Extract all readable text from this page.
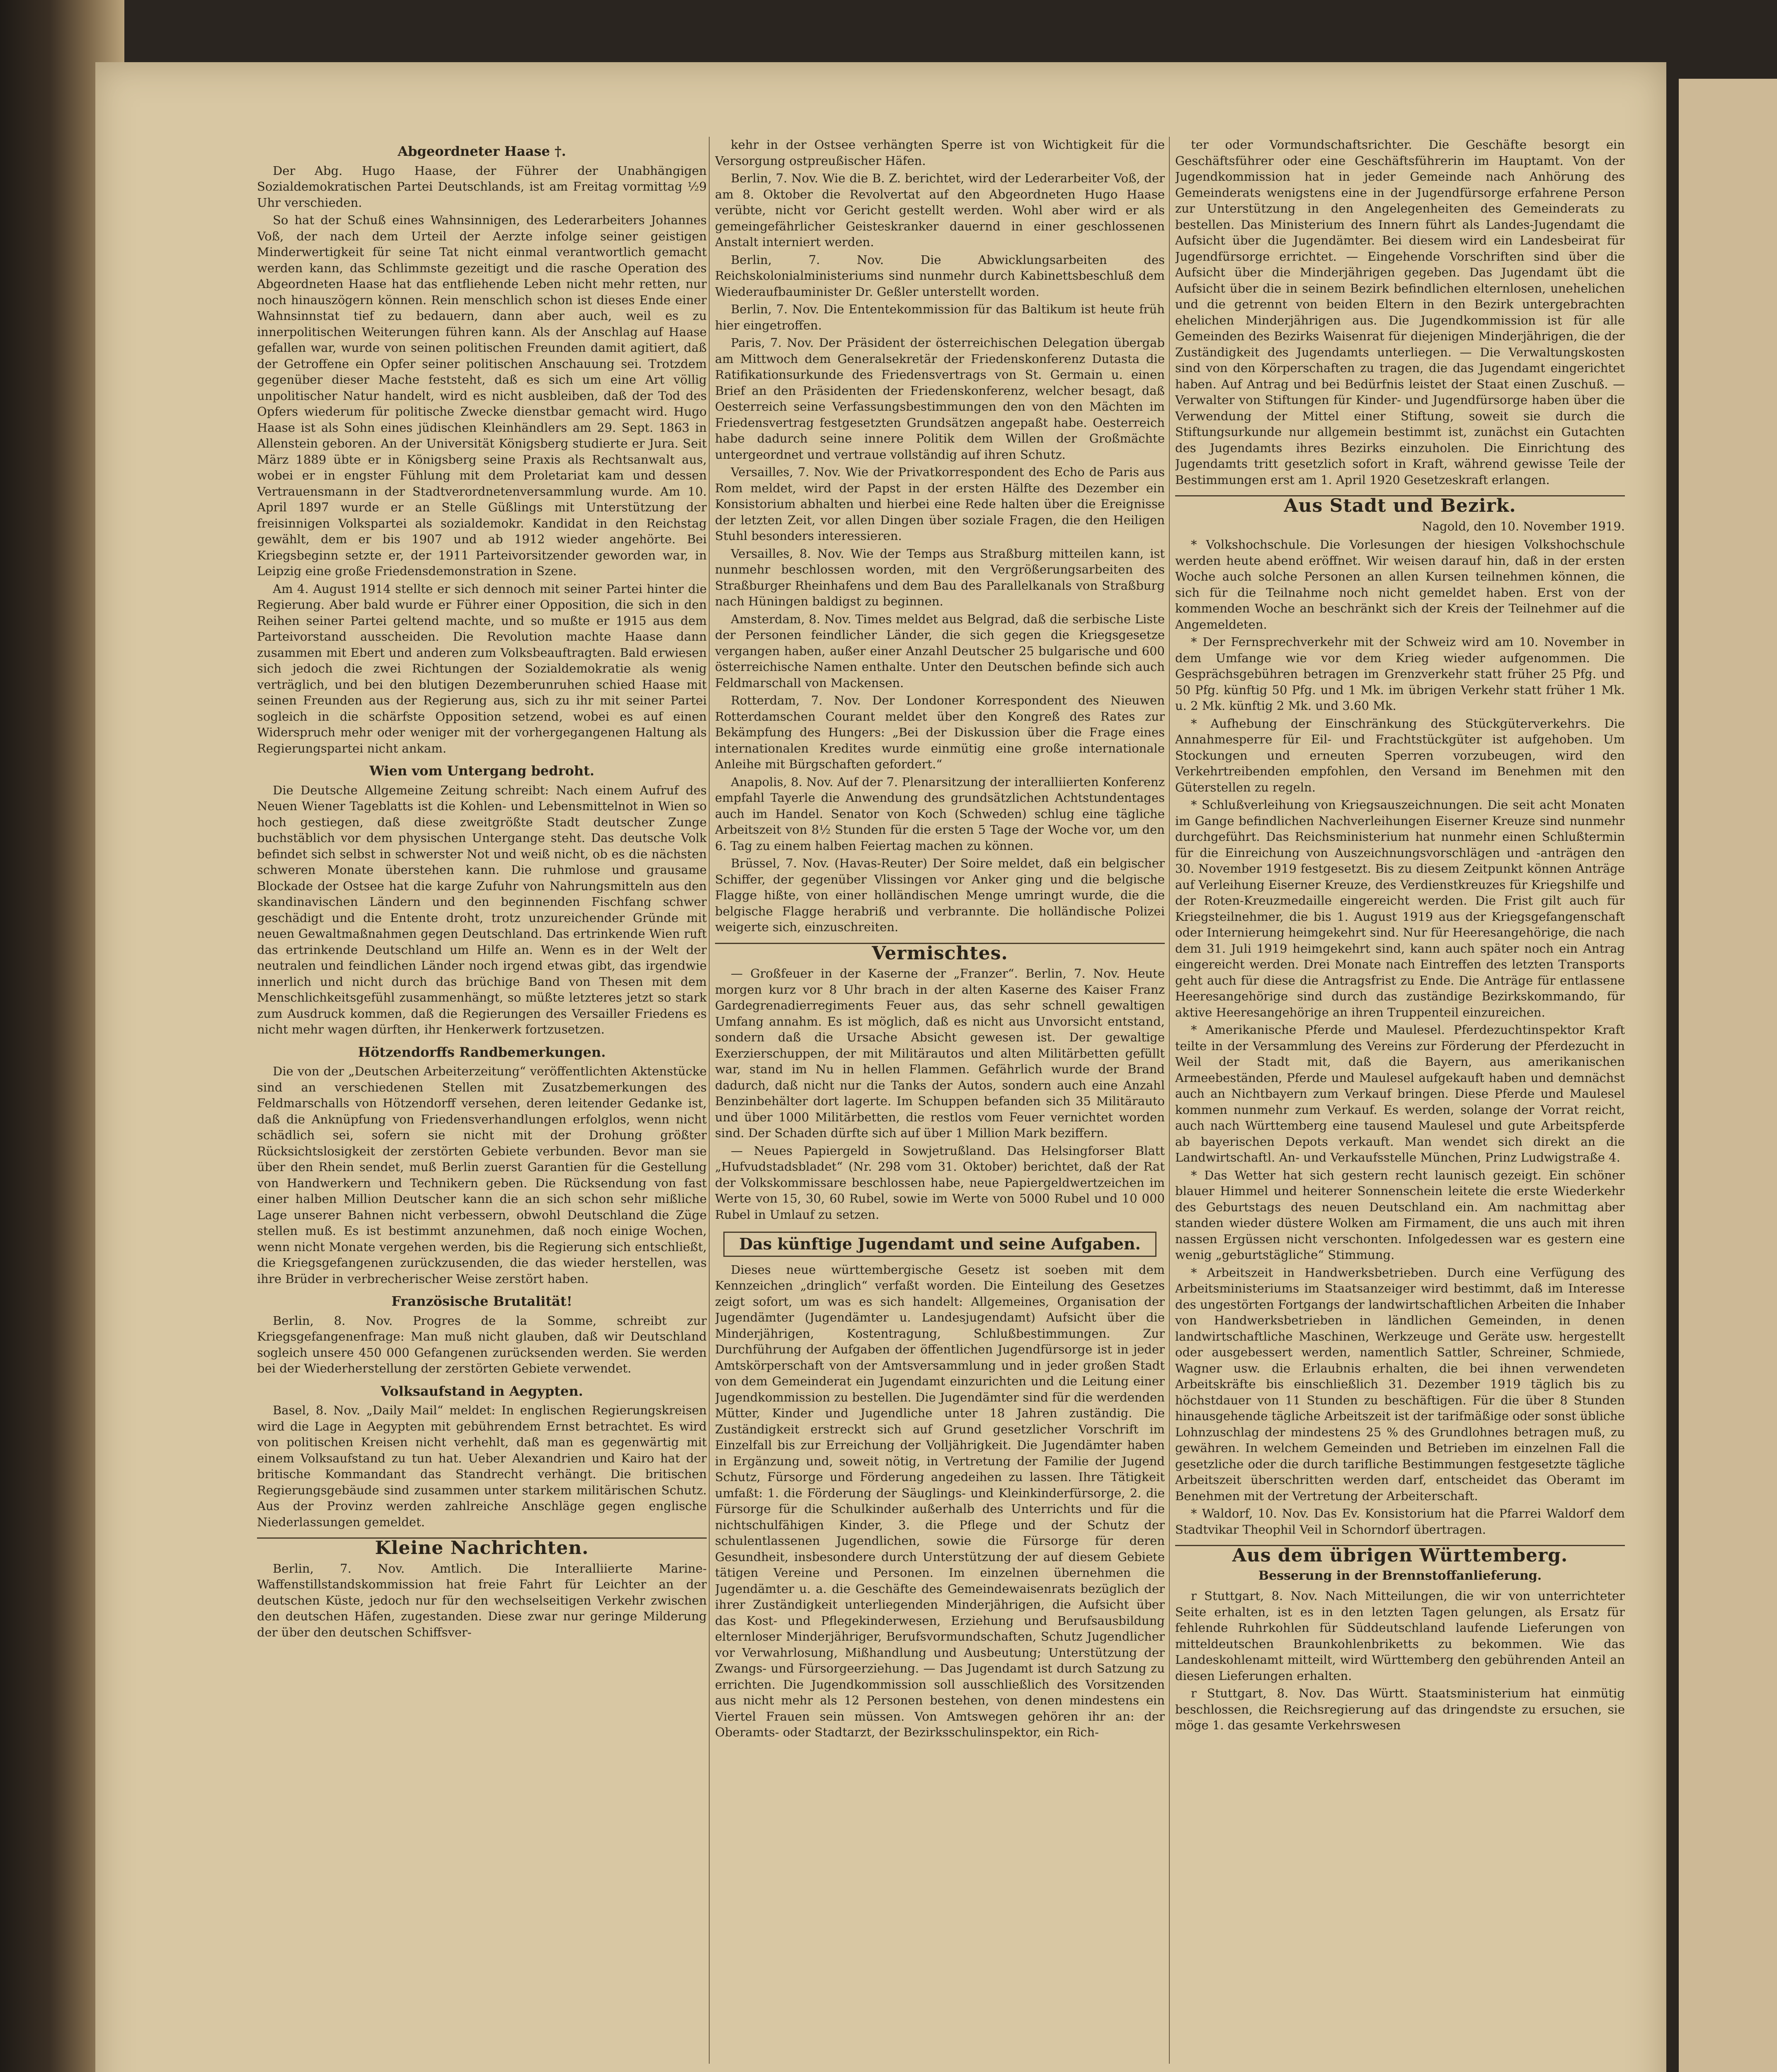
Abgeordneter Haase †.

Der Abg. Hugo Haase, der Führer der Unabhängigen Sozialdemokratischen Partei Deutschlands, ist am Freitag vormittag ½9 Uhr verschieden.

So hat der Schuß eines Wahnsinnigen, des Lederarbeiters Johannes Voß, der nach dem Urteil der Aerzte infolge seiner geistigen Minderwertigkeit für seine Tat nicht einmal verantwortlich gemacht werden kann, das Schlimmste gezeitigt und die rasche Operation des Abgeordneten Haase hat das entfliehende Leben nicht mehr retten, nur noch hinauszögern können. Rein menschlich schon ist dieses Ende einer Wahnsinnstat tief zu bedauern, dann aber auch, weil es zu innerpolitischen Weiterungen führen kann. Als der Anschlag auf Haase gefallen war, wurde von seinen politischen Freunden damit agitiert, daß der Getroffene ein Opfer seiner politischen Anschauung sei. Trotzdem gegenüber dieser Mache feststeht, daß es sich um eine Art völlig unpolitischer Natur handelt, wird es nicht ausbleiben, daß der Tod des Opfers wiederum für politische Zwecke dienstbar gemacht wird. Hugo Haase ist als Sohn eines jüdischen Kleinhändlers am 29. Sept. 1863 in Allenstein geboren. An der Universität Königsberg studierte er Jura. Seit März 1889 übte er in Königsberg seine Praxis als Rechtsanwalt aus, wobei er in engster Fühlung mit dem Proletariat kam und dessen Vertrauensmann in der Stadtverordnetenversammlung wurde. Am 10. April 1897 wurde er an Stelle Güßlings mit Unterstützung der freisinnigen Volkspartei als sozialdemokr. Kandidat in den Reichstag gewählt, dem er bis 1907 und ab 1912 wieder angehörte. Bei Kriegsbeginn setzte er, der 1911 Parteivorsitzender geworden war, in Leipzig eine große Friedensdemonstration in Szene.

Am 4. August 1914 stellte er sich dennoch mit seiner Partei hinter die Regierung. Aber bald wurde er Führer einer Opposition, die sich in den Reihen seiner Partei geltend machte, und so mußte er 1915 aus dem Parteivorstand ausscheiden. Die Revolution machte Haase dann zusammen mit Ebert und anderen zum Volksbeauftragten. Bald erwiesen sich jedoch die zwei Richtungen der Sozialdemokratie als wenig verträglich, und bei den blutigen Dezemberunruhen schied Haase mit seinen Freunden aus der Regierung aus, sich zu ihr mit seiner Partei sogleich in die schärfste Opposition setzend, wobei es auf einen Widerspruch mehr oder weniger mit der vorhergegangenen Haltung als Regierungspartei nicht ankam.

Wien vom Untergang bedroht.

Die Deutsche Allgemeine Zeitung schreibt: Nach einem Aufruf des Neuen Wiener Tageblatts ist die Kohlen- und Lebensmittelnot in Wien so hoch gestiegen, daß diese zweitgrößte Stadt deutscher Zunge buchstäblich vor dem physischen Untergange steht. Das deutsche Volk befindet sich selbst in schwerster Not und weiß nicht, ob es die nächsten schweren Monate überstehen kann. Die ruhmlose und grausame Blockade der Ostsee hat die karge Zufuhr von Nahrungsmitteln aus den skandinavischen Ländern und den beginnenden Fischfang schwer geschädigt und die Entente droht, trotz unzureichender Gründe mit neuen Gewaltmaßnahmen gegen Deutschland. Das ertrinkende Wien ruft das ertrinkende Deutschland um Hilfe an. Wenn es in der Welt der neutralen und feindlichen Länder noch irgend etwas gibt, das irgendwie innerlich und nicht durch das brüchige Band von Thesen mit dem Menschlichkeitsgefühl zusammenhängt, so müßte letzteres jetzt so stark zum Ausdruck kommen, daß die Regierungen des Versailler Friedens es nicht mehr wagen dürften, ihr Henkerwerk fortzusetzen.

Hötzendorffs Randbemerkungen.

Die von der „Deutschen Arbeiterzeitung“ veröffentlichten Aktenstücke sind an verschiedenen Stellen mit Zusatzbemerkungen des Feldmarschalls von Hötzendorff versehen, deren leitender Gedanke ist, daß die Anknüpfung von Friedensverhandlungen erfolglos, wenn nicht schädlich sei, sofern sie nicht mit der Drohung größter Rücksichtslosigkeit der zerstörten Gebiete verbunden. Bevor man sie über den Rhein sendet, muß Berlin zuerst Garantien für die Gestellung von Handwerkern und Technikern geben. Die Rücksendung von fast einer halben Million Deutscher kann die an sich schon sehr mißliche Lage unserer Bahnen nicht verbessern, obwohl Deutschland die Züge stellen muß. Es ist bestimmt anzunehmen, daß noch einige Wochen, wenn nicht Monate vergehen werden, bis die Regierung sich entschließt, die Kriegsgefangenen zurückzusenden, die das wieder herstellen, was ihre Brüder in verbrecherischer Weise zerstört haben.

Französische Brutalität!

Berlin, 8. Nov. Progres de la Somme, schreibt zur Kriegsgefangenenfrage: Man muß nicht glauben, daß wir Deutschland sogleich unsere 450 000 Gefangenen zurücksenden werden. Sie werden bei der Wiederherstellung der zerstörten Gebiete verwendet.

Volksaufstand in Aegypten.

Basel, 8. Nov. „Daily Mail“ meldet: In englischen Regierungskreisen wird die Lage in Aegypten mit gebührendem Ernst betrachtet. Es wird von politischen Kreisen nicht verhehlt, daß man es gegenwärtig mit einem Volksaufstand zu tun hat. Ueber Alexandrien und Kairo hat der britische Kommandant das Standrecht verhängt. Die britischen Regierungsgebäude sind zusammen unter starkem militärischen Schutz. Aus der Provinz werden zahlreiche Anschläge gegen englische Niederlassungen gemeldet.

Kleine Nachrichten.

Berlin, 7. Nov. Amtlich. Die Interalliierte Marine-Waffenstillstandskommission hat freie Fahrt für Leichter an der deutschen Küste, jedoch nur für den wechselseitigen Verkehr zwischen den deutschen Häfen, zugestanden. Diese zwar nur geringe Milderung der über den deutschen Schiffsver-

kehr in der Ostsee verhängten Sperre ist von Wichtigkeit für die Versorgung ostpreußischer Häfen.

Berlin, 7. Nov. Wie die B. Z. berichtet, wird der Lederarbeiter Voß, der am 8. Oktober die Revolvertat auf den Abgeordneten Hugo Haase verübte, nicht vor Gericht gestellt werden. Wohl aber wird er als gemeingefährlicher Geisteskranker dauernd in einer geschlossenen Anstalt interniert werden.

Berlin, 7. Nov. Die Abwicklungsarbeiten des Reichskolonialministeriums sind nunmehr durch Kabinettsbeschluß dem Wiederaufbauminister Dr. Geßler unterstellt worden.

Berlin, 7. Nov. Die Ententekommission für das Baltikum ist heute früh hier eingetroffen.

Paris, 7. Nov. Der Präsident der österreichischen Delegation übergab am Mittwoch dem Generalsekretär der Friedenskonferenz Dutasta die Ratifikationsurkunde des Friedensvertrags von St. Germain u. einen Brief an den Präsidenten der Friedenskonferenz, welcher besagt, daß Oesterreich seine Verfassungsbestimmungen den von den Mächten im Friedensvertrag festgesetzten Grundsätzen angepaßt habe. Oesterreich habe dadurch seine innere Politik dem Willen der Großmächte untergeordnet und vertraue vollständig auf ihren Schutz.

Versailles, 7. Nov. Wie der Privatkorrespondent des Echo de Paris aus Rom meldet, wird der Papst in der ersten Hälfte des Dezember ein Konsistorium abhalten und hierbei eine Rede halten über die Ereignisse der letzten Zeit, vor allen Dingen über soziale Fragen, die den Heiligen Stuhl besonders interessieren.

Versailles, 8. Nov. Wie der Temps aus Straßburg mitteilen kann, ist nunmehr beschlossen worden, mit den Vergrößerungsarbeiten des Straßburger Rheinhafens und dem Bau des Parallelkanals von Straßburg nach Hüningen baldigst zu beginnen.

Amsterdam, 8. Nov. Times meldet aus Belgrad, daß die serbische Liste der Personen feindlicher Länder, die sich gegen die Kriegsgesetze vergangen haben, außer einer Anzahl Deutscher 25 bulgarische und 600 österreichische Namen enthalte. Unter den Deutschen befinde sich auch Feldmarschall von Mackensen.

Rotterdam, 7. Nov. Der Londoner Korrespondent des Nieuwen Rotterdamschen Courant meldet über den Kongreß des Rates zur Bekämpfung des Hungers: „Bei der Diskussion über die Frage eines internationalen Kredites wurde einmütig eine große internationale Anleihe mit Bürgschaften gefordert.“

Anapolis, 8. Nov. Auf der 7. Plenarsitzung der interalliierten Konferenz empfahl Tayerle die Anwendung des grundsätzlichen Achtstundentages auch im Handel. Senator von Koch (Schweden) schlug eine tägliche Arbeitszeit von 8½ Stunden für die ersten 5 Tage der Woche vor, um den 6. Tag zu einem halben Feiertag machen zu können.

Brüssel, 7. Nov. (Havas-Reuter) Der Soire meldet, daß ein belgischer Schiffer, der gegenüber Vlissingen vor Anker ging und die belgische Flagge hißte, von einer holländischen Menge umringt wurde, die die belgische Flagge herabriß und verbrannte. Die holländische Polizei weigerte sich, einzuschreiten.

Vermischtes.

— Großfeuer in der Kaserne der „Franzer“. Berlin, 7. Nov. Heute morgen kurz vor 8 Uhr brach in der alten Kaserne des Kaiser Franz Gardegrenadierregiments Feuer aus, das sehr schnell gewaltigen Umfang annahm. Es ist möglich, daß es nicht aus Unvorsicht entstand, sondern daß die Ursache Absicht gewesen ist. Der gewaltige Exerzierschuppen, der mit Militärautos und alten Militärbetten gefüllt war, stand im Nu in hellen Flammen. Gefährlich wurde der Brand dadurch, daß nicht nur die Tanks der Autos, sondern auch eine Anzahl Benzinbehälter dort lagerte. Im Schuppen befanden sich 35 Militärauto und über 1000 Militärbetten, die restlos vom Feuer vernichtet worden sind. Der Schaden dürfte sich auf über 1 Million Mark beziffern.

— Neues Papiergeld in Sowjetrußland. Das Helsingforser Blatt „Hufvudstadsbladet“ (Nr. 298 vom 31. Oktober) berichtet, daß der Rat der Volkskommissare beschlossen habe, neue Papiergeldwertzeichen im Werte von 15, 30, 60 Rubel, sowie im Werte von 5000 Rubel und 10 000 Rubel in Umlauf zu setzen.

Das künftige Jugendamt und seine Aufgaben.

Dieses neue württembergische Gesetz ist soeben mit dem Kennzeichen „dringlich“ verfaßt worden. Die Einteilung des Gesetzes zeigt sofort, um was es sich handelt: Allgemeines, Organisation der Jugendämter (Jugendämter u. Landesjugendamt) Aufsicht über die Minderjährigen, Kostentragung, Schlußbestimmungen. Zur Durchführung der Aufgaben der öffentlichen Jugendfürsorge ist in jeder Amtskörperschaft von der Amtsversammlung und in jeder großen Stadt von dem Gemeinderat ein Jugendamt einzurichten und die Leitung einer Jugendkommission zu bestellen. Die Jugendämter sind für die werdenden Mütter, Kinder und Jugendliche unter 18 Jahren zuständig. Die Zuständigkeit erstreckt sich auf Grund gesetzlicher Vorschrift im Einzelfall bis zur Erreichung der Volljährigkeit. Die Jugendämter haben in Ergänzung und, soweit nötig, in Vertretung der Familie der Jugend Schutz, Fürsorge und Förderung angedeihen zu lassen. Ihre Tätigkeit umfaßt: 1. die Förderung der Säuglings- und Kleinkinderfürsorge, 2. die Fürsorge für die Schulkinder außerhalb des Unterrichts und für die nichtschulfähigen Kinder, 3. die Pflege und der Schutz der schulentlassenen Jugendlichen, sowie die Fürsorge für deren Gesundheit, insbesondere durch Unterstützung der auf diesem Gebiete tätigen Vereine und Personen. Im einzelnen übernehmen die Jugendämter u. a. die Geschäfte des Gemeindewaisenrats bezüglich der ihrer Zuständigkeit unterliegenden Minderjährigen, die Aufsicht über das Kost- und Pflegekinderwesen, Erziehung und Berufsausbildung elternloser Minderjähriger, Berufsvormundschaften, Schutz Jugendlicher vor Verwahrlosung, Mißhandlung und Ausbeutung; Unterstützung der Zwangs- und Fürsorgeerziehung. — Das Jugendamt ist durch Satzung zu errichten. Die Jugendkommission soll ausschließlich des Vorsitzenden aus nicht mehr als 12 Personen bestehen, von denen mindestens ein Viertel Frauen sein müssen. Von Amtswegen gehören ihr an: der Oberamts- oder Stadtarzt, der Bezirksschulinspektor, ein Rich-

ter oder Vormundschaftsrichter. Die Geschäfte besorgt ein Geschäftsführer oder eine Geschäftsführerin im Hauptamt. Von der Jugendkommission hat in jeder Gemeinde nach Anhörung des Gemeinderats wenigstens eine in der Jugendfürsorge erfahrene Person zur Unterstützung in den Angelegenheiten des Gemeinderats zu bestellen. Das Ministerium des Innern führt als Landes-Jugendamt die Aufsicht über die Jugendämter. Bei diesem wird ein Landesbeirat für Jugendfürsorge errichtet. — Eingehende Vorschriften sind über die Aufsicht über die Minderjährigen gegeben. Das Jugendamt übt die Aufsicht über die in seinem Bezirk befindlichen elternlosen, unehelichen und die getrennt von beiden Eltern in den Bezirk untergebrachten ehelichen Minderjährigen aus. Die Jugendkommission ist für alle Gemeinden des Bezirks Waisenrat für diejenigen Minderjährigen, die der Zuständigkeit des Jugendamts unterliegen. — Die Verwaltungskosten sind von den Körperschaften zu tragen, die das Jugendamt eingerichtet haben. Auf Antrag und bei Bedürfnis leistet der Staat einen Zuschuß. — Verwalter von Stiftungen für Kinder- und Jugendfürsorge haben über die Verwendung der Mittel einer Stiftung, soweit sie durch die Stiftungsurkunde nur allgemein bestimmt ist, zunächst ein Gutachten des Jugendamts ihres Bezirks einzuholen. Die Einrichtung des Jugendamts tritt gesetzlich sofort in Kraft, während gewisse Teile der Bestimmungen erst am 1. April 1920 Gesetzeskraft erlangen.

Aus Stadt und Bezirk.
Nagold, den 10. November 1919.

* Volkshochschule. Die Vorlesungen der hiesigen Volkshochschule werden heute abend eröffnet. Wir weisen darauf hin, daß in der ersten Woche auch solche Personen an allen Kursen teilnehmen können, die sich für die Teilnahme noch nicht gemeldet haben. Erst von der kommenden Woche an beschränkt sich der Kreis der Teilnehmer auf die Angemeldeten.

* Der Fernsprechverkehr mit der Schweiz wird am 10. November in dem Umfange wie vor dem Krieg wieder aufgenommen. Die Gesprächsgebühren betragen im Grenzverkehr statt früher 25 Pfg. und 50 Pfg. künftig 50 Pfg. und 1 Mk. im übrigen Verkehr statt früher 1 Mk. u. 2 Mk. künftig 2 Mk. und 3.60 Mk.

* Aufhebung der Einschränkung des Stückgüterverkehrs. Die Annahmesperre für Eil- und Frachtstückgüter ist aufgehoben. Um Stockungen und erneuten Sperren vorzubeugen, wird den Verkehrtreibenden empfohlen, den Versand im Benehmen mit den Güterstellen zu regeln.

* Schlußverleihung von Kriegsauszeichnungen. Die seit acht Monaten im Gange befindlichen Nachverleihungen Eiserner Kreuze sind nunmehr durchgeführt. Das Reichsministerium hat nunmehr einen Schlußtermin für die Einreichung von Auszeichnungsvorschlägen und -anträgen den 30. November 1919 festgesetzt. Bis zu diesem Zeitpunkt können Anträge auf Verleihung Eiserner Kreuze, des Verdienstkreuzes für Kriegshilfe und der Roten-Kreuzmedaille eingereicht werden. Die Frist gilt auch für Kriegsteilnehmer, die bis 1. August 1919 aus der Kriegsgefangenschaft oder Internierung heimgekehrt sind. Nur für Heeresangehörige, die nach dem 31. Juli 1919 heimgekehrt sind, kann auch später noch ein Antrag eingereicht werden. Drei Monate nach Eintreffen des letzten Transports geht auch für diese die Antragsfrist zu Ende. Die Anträge für entlassene Heeresangehörige sind durch das zuständige Bezirkskommando, für aktive Heeresangehörige an ihren Truppenteil einzureichen.

* Amerikanische Pferde und Maulesel. Pferdezuchtinspektor Kraft teilte in der Versammlung des Vereins zur Förderung der Pferdezucht in Weil der Stadt mit, daß die Bayern, aus amerikanischen Armeebeständen, Pferde und Maulesel aufgekauft haben und demnächst auch an Nichtbayern zum Verkauf bringen. Diese Pferde und Maulesel kommen nunmehr zum Verkauf. Es werden, solange der Vorrat reicht, auch nach Württemberg eine tausend Maulesel und gute Arbeitspferde ab bayerischen Depots verkauft. Man wendet sich direkt an die Landwirtschaftl. An- und Verkaufsstelle München, Prinz Ludwigstraße 4.

* Das Wetter hat sich gestern recht launisch gezeigt. Ein schöner blauer Himmel und heiterer Sonnenschein leitete die erste Wiederkehr des Geburtstags des neuen Deutschland ein. Am nachmittag aber standen wieder düstere Wolken am Firmament, die uns auch mit ihren nassen Ergüssen nicht verschonten. Infolgedessen war es gestern eine wenig „geburtstägliche“ Stimmung.

* Arbeitszeit in Handwerksbetrieben. Durch eine Verfügung des Arbeitsministeriums im Staatsanzeiger wird bestimmt, daß im Interesse des ungestörten Fortgangs der landwirtschaftlichen Arbeiten die Inhaber von Handwerksbetrieben in ländlichen Gemeinden, in denen landwirtschaftliche Maschinen, Werkzeuge und Geräte usw. hergestellt oder ausgebessert werden, namentlich Sattler, Schreiner, Schmiede, Wagner usw. die Erlaubnis erhalten, die bei ihnen verwendeten Arbeitskräfte bis einschließlich 31. Dezember 1919 täglich bis zu höchstdauer von 11 Stunden zu beschäftigen. Für die über 8 Stunden hinausgehende tägliche Arbeitszeit ist der tarifmäßige oder sonst übliche Lohnzuschlag der mindestens 25 % des Grundlohnes betragen muß, zu gewähren. In welchem Gemeinden und Betrieben im einzelnen Fall die gesetzliche oder die durch tarifliche Bestimmungen festgesetzte tägliche Arbeitszeit überschritten werden darf, entscheidet das Oberamt im Benehmen mit der Vertretung der Arbeiterschaft.

* Waldorf, 10. Nov. Das Ev. Konsistorium hat die Pfarrei Waldorf dem Stadtvikar Theophil Veil in Schorndorf übertragen.

Aus dem übrigen Württemberg.
Besserung in der Brennstoffanlieferung.

r Stuttgart, 8. Nov. Nach Mitteilungen, die wir von unterrichteter Seite erhalten, ist es in den letzten Tagen gelungen, als Ersatz für fehlende Ruhrkohlen für Süddeutschland laufende Lieferungen von mitteldeutschen Braunkohlenbriketts zu bekommen. Wie das Landeskohlenamt mitteilt, wird Württemberg den gebührenden Anteil an diesen Lieferungen erhalten.

r Stuttgart, 8. Nov. Das Württ. Staatsministerium hat einmütig beschlossen, die Reichsregierung auf das dringendste zu ersuchen, sie möge 1. das gesamte Verkehrswesen
